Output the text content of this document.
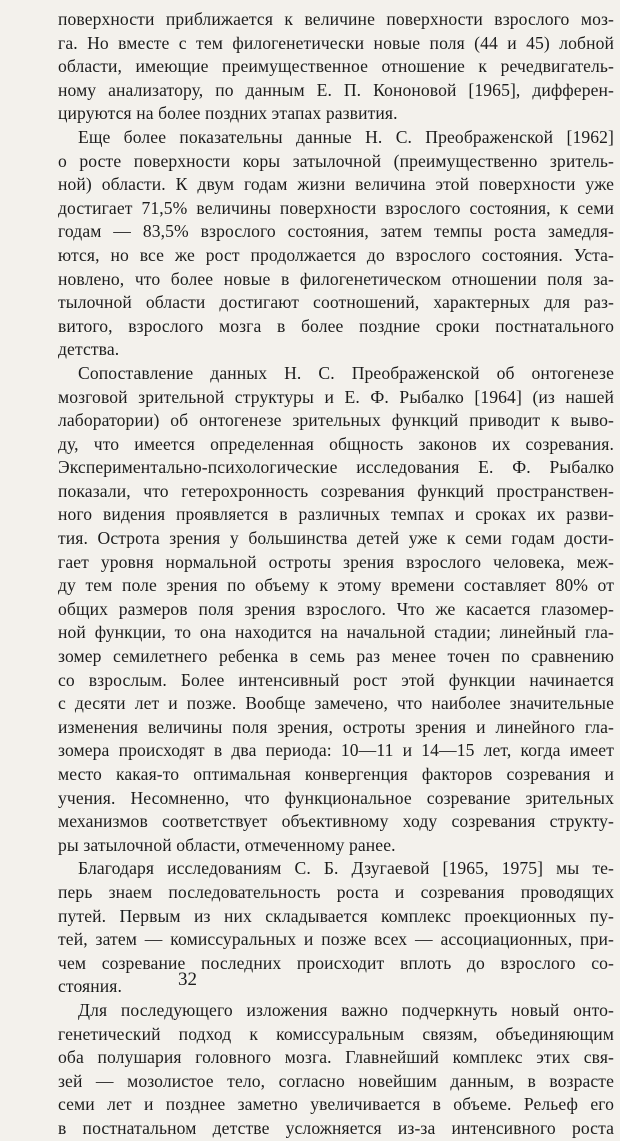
поверхности приближается к величине поверхности взрослого моз-
га. Но вместе с тем филогенетически новые поля (44 и 45) лобной
области, имеющие преимущественное отношение к речедвигатель-
ному анализатору, по данным Е. П. Кононовой [1965], дифферен-
цируются на более поздних этапах развития.
Еще более показательны данные Н. С. Преображенской [1962]
о росте поверхности коры затылочной (преимущественно зритель-
ной) области. К двум годам жизни величина этой поверхности уже
достигает 71,5% величины поверхности взрослого состояния, к семи
годам — 83,5% взрослого состояния, затем темпы роста замедля-
ются, но все же рост продолжается до взрослого состояния. Уста-
новлено, что более новые в филогенетическом отношении поля за-
тылочной области достигают соотношений, характерных для раз-
витого, взрослого мозга в более поздние сроки постнатального
детства.
Сопоставление данных Н. С. Преображенской об онтогенезе
мозговой зрительной структуры и Е. Ф. Рыбалко [1964] (из нашей
лаборатории) об онтогенезе зрительных функций приводит к выво-
ду, что имеется определенная общность законов их созревания.
Экспериментально-психологические исследования Е. Ф. Рыбалко
показали, что гетерохронность созревания функций пространствен-
ного видения проявляется в различных темпах и сроках их разви-
тия. Острота зрения у большинства детей уже к семи годам дости-
гает уровня нормальной остроты зрения взрослого человека, меж-
ду тем поле зрения по объему к этому времени составляет 80% от
общих размеров поля зрения взрослого. Что же касается глазомер-
ной функции, то она находится на начальной стадии; линейный гла-
зомер семилетнего ребенка в семь раз менее точен по сравнению
со взрослым. Более интенсивный рост этой функции начинается
с десяти лет и позже. Вообще замечено, что наиболее значительные
изменения величины поля зрения, остроты зрения и линейного гла-
зомера происходят в два периода: 10—11 и 14—15 лет, когда имеет
место какая-то оптимальная конвергенция факторов созревания и
учения. Несомненно, что функциональное созревание зрительных
механизмов соответствует объективному ходу созревания структу-
ры затылочной области, отмеченному ранее.
Благодаря исследованиям С. Б. Дзугаевой [1965, 1975] мы те-
перь знаем последовательность роста и созревания проводящих
путей. Первым из них складывается комплекс проекционных пу-
тей, затем — комиссуральных и позже всех — ассоциационных, при-
чем созревание последних происходит вплоть до взрослого со-
стояния.
Для последующего изложения важно подчеркнуть новый онто-
генетический подход к комиссуральным связям, объединяющим
оба полушария головного мозга. Главнейший комплекс этих свя-
зей — мозолистое тело, согласно новейшим данным, в возрасте
семи лет и позднее заметно увеличивается в объеме. Рельеф его
в постнатальном детстве усложняется из-за интенсивного роста
32
